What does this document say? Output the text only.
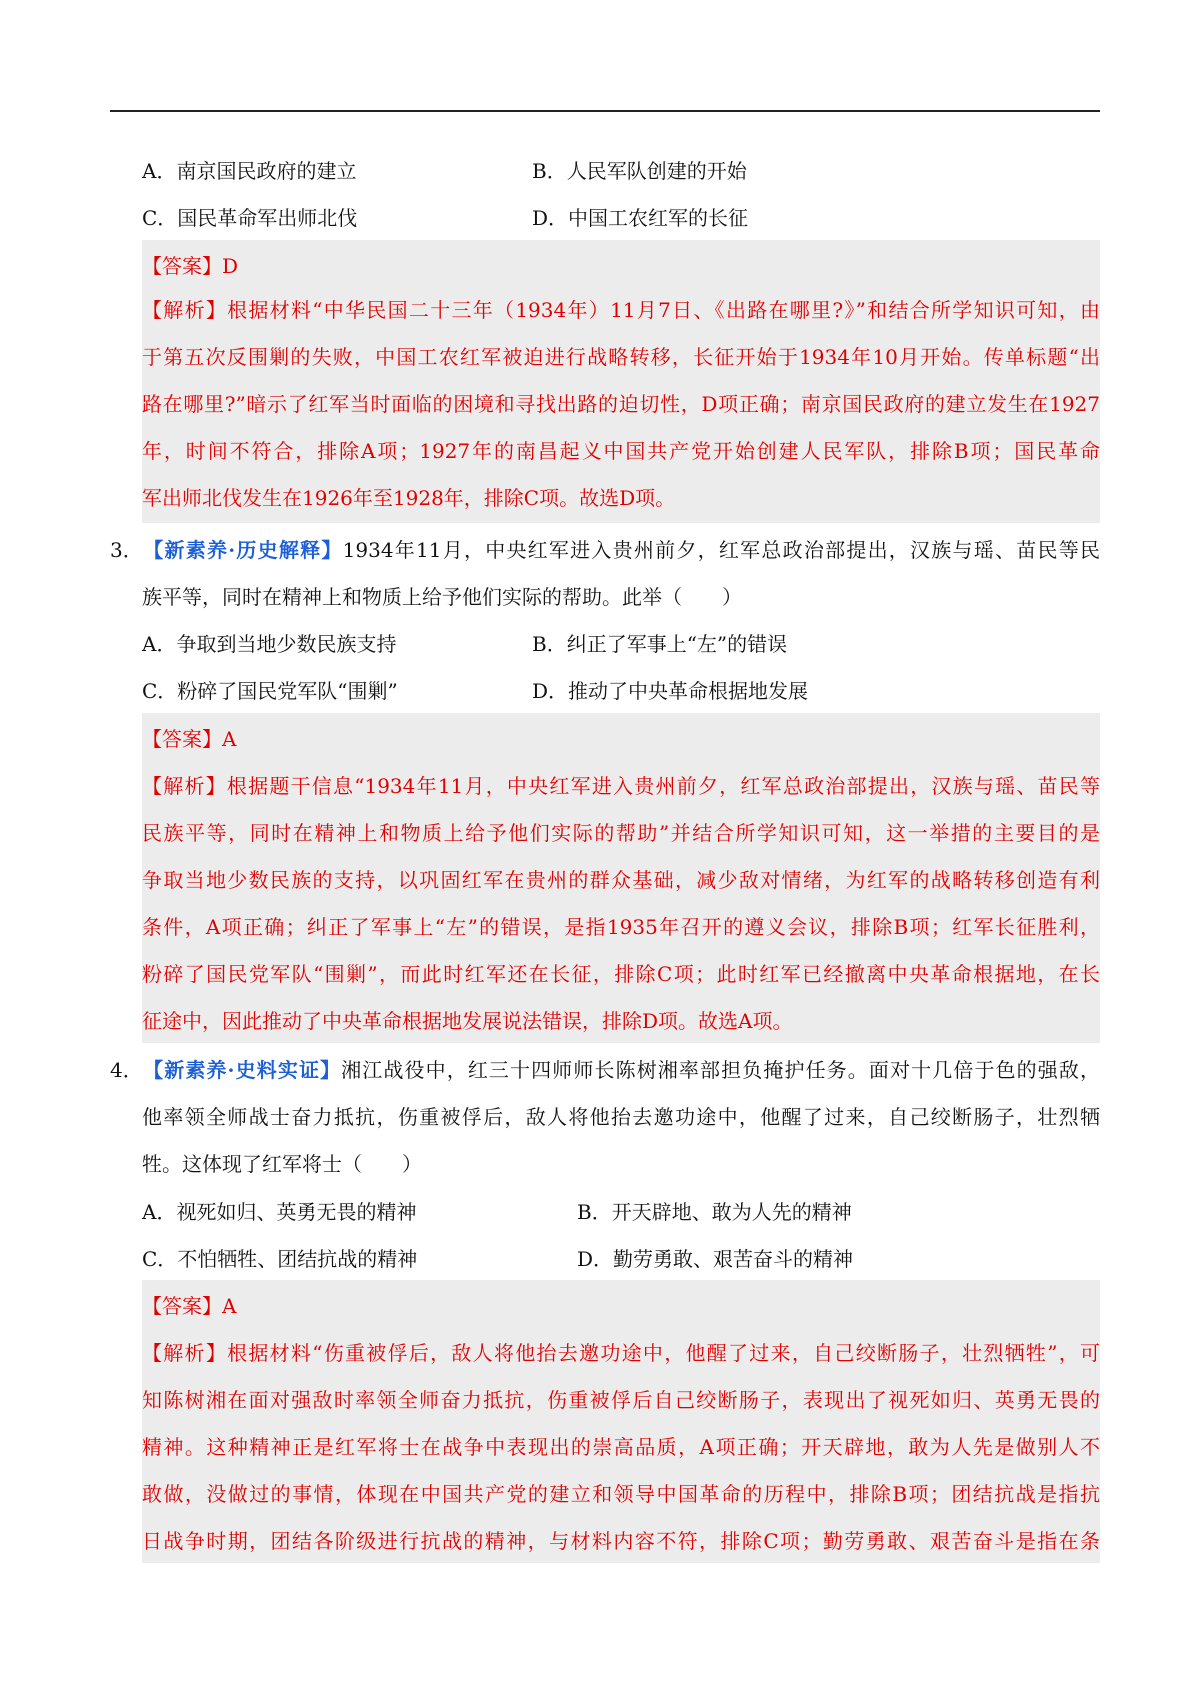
A．南京国民政府的建立	B．人民军队创建的开始
C．国民革命军出师北伐	D．中国工农红军的长征
【答案】D
【解析】根据材料“中华民国二十三年（1934年）11月7日、《出路在哪里?》”和结合所学知识可知，由
于第五次反围剿的失败，中国工农红军被迫进行战略转移，长征开始于1934年10月开始。传单标题“出
路在哪里?”暗示了红军当时面临的困境和寻找出路的迫切性，D项正确；南京国民政府的建立发生在1927
年，时间不符合，排除A项；1927年的南昌起义中国共产党开始创建人民军队，排除B项；国民革命
军出师北伐发生在1926年至1928年，排除C项。故选D项。
3．【新素养·历史解释】1934年11月，中央红军进入贵州前夕，红军总政治部提出，汉族与瑶、苗民等民
族平等，同时在精神上和物质上给予他们实际的帮助。此举（　　）
A．争取到当地少数民族支持	B．纠正了军事上“左”的错误
C．粉碎了国民党军队“围剿”	D．推动了中央革命根据地发展
【答案】A
【解析】根据题干信息“1934年11月，中央红军进入贵州前夕，红军总政治部提出，汉族与瑶、苗民等
民族平等，同时在精神上和物质上给予他们实际的帮助”并结合所学知识可知，这一举措的主要目的是
争取当地少数民族的支持，以巩固红军在贵州的群众基础，减少敌对情绪，为红军的战略转移创造有利
条件，A项正确；纠正了军事上“左”的错误，是指1935年召开的遵义会议，排除B项；红军长征胜利，
粉碎了国民党军队“围剿”，而此时红军还在长征，排除C项；此时红军已经撤离中央革命根据地，在长
征途中，因此推动了中央革命根据地发展说法错误，排除D项。故选A项。
4．【新素养·史料实证】湘江战役中，红三十四师师长陈树湘率部担负掩护任务。面对十几倍于色的强敌，
他率领全师战士奋力抵抗，伤重被俘后，敌人将他抬去邀功途中，他醒了过来，自己绞断肠子，壮烈牺
牲。这体现了红军将士（　　）
A．视死如归、英勇无畏的精神	B．开天辟地、敢为人先的精神
C．不怕牺牲、团结抗战的精神	D．勤劳勇敢、艰苦奋斗的精神
【答案】A
【解析】根据材料“伤重被俘后，敌人将他抬去邀功途中，他醒了过来，自己绞断肠子，壮烈牺牲”，可
知陈树湘在面对强敌时率领全师奋力抵抗，伤重被俘后自己绞断肠子，表现出了视死如归、英勇无畏的
精神。这种精神正是红军将士在战争中表现出的崇高品质，A项正确；开天辟地，敢为人先是做别人不
敢做，没做过的事情，体现在中国共产党的建立和领导中国革命的历程中，排除B项；团结抗战是指抗
日战争时期，团结各阶级进行抗战的精神，与材料内容不符，排除C项；勤劳勇敢、艰苦奋斗是指在条
